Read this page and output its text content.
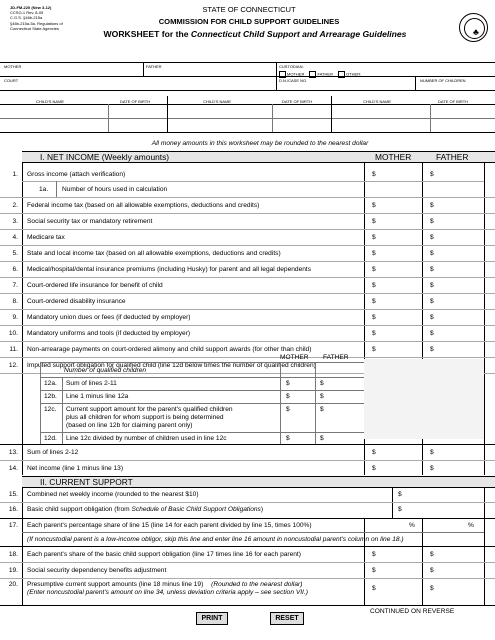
JD-FM-220 (New 3-12)
CCSG-1 Rev. 8-05
C.G.S. §46b-215a
§46b-215a-5a, Regulations of
Connecticut State Agencies
STATE OF CONNECTICUT
COMMISSION FOR CHILD SUPPORT GUIDELINES
WORKSHEET for the Connecticut Child Support and Arrearage Guidelines	♣
MOTHER	FATHER	CUSTODIAN:
MOTHER	FATHER	OTHER:
COURT	D.N./CASE NO.	NUMBER OF CHILDREN
CHILD'S NAME	DATE OF BIRTH	CHILD'S NAME	DATE OF BIRTH	CHILD'S NAME	DATE OF BIRTH
All money amounts in this worksheet may be rounded to the nearest dollar
I. NET INCOME (Weekly amounts)	MOTHER	FATHER
1. Gross income (attach verification)	$	$
1a. Number of hours used in calculation
2. Federal income tax (based on all allowable exemptions, deductions and credits)	$	$
3. Social security tax or mandatory retirement	$	$
4. Medicare tax	$	$
5. State and local income tax (based on all allowable exemptions, deductions and credits)	$	$
6. Medical/hospital/dental insurance premiums (including Husky) for parent and all legal dependents	$	$
7. Court-ordered life insurance for benefit of child	$	$
8. Court-ordered disability insurance	$	$
9. Mandatory union dues or fees (if deducted by employer)	$	$
10. Mandatory uniforms and tools (if deducted by employer)	$	$
11. Non-arrearage payments on court-ordered alimony and child support awards (for other than child)	$	$
12. Imputed support obligation for qualified child (line 12d below times the number of qualified children)
MOTHER FATHER
Number of qualified children
12a. Sum of lines 2-11	$	$
12b. Line 1 minus line 12a	$	$
12c. Current support amount for the parent's qualified children
plus all children for whom support is being determined
(based on line 12b for claiming parent only)
$	$
12d. Line 12c divided by number of children used in line 12c	$	$
13. Sum of lines 2-12	$	$
14. Net income (line 1 minus line 13)	$	$
II. CURRENT SUPPORT
15. Combined net weekly income (rounded to the nearest $10)	$
16. Basic child support obligation (from Schedule of Basic Child Support Obligations)	$
17. Each parent's percentage share of line 15 (line 14 for each parent divided by line 15, times 100%)	%	%
(If noncustodial parent is a low-income obligor, skip this line and enter line 16 amount in noncustodial parent's column on line 18.)
18. Each parent's share of the basic child support obligation (line 17 times line 16 for each parent)	$	$
19. Social security dependency benefits adjustment	$	$
20. Presumptive current support amounts (line 18 minus line 19) (Rounded to the nearest dollar)
(Enter noncustodial parent's amount on line 34, unless deviation criteria apply – see section VII.)
$	$
PRINT	RESET
CONTINUED ON REVERSE
